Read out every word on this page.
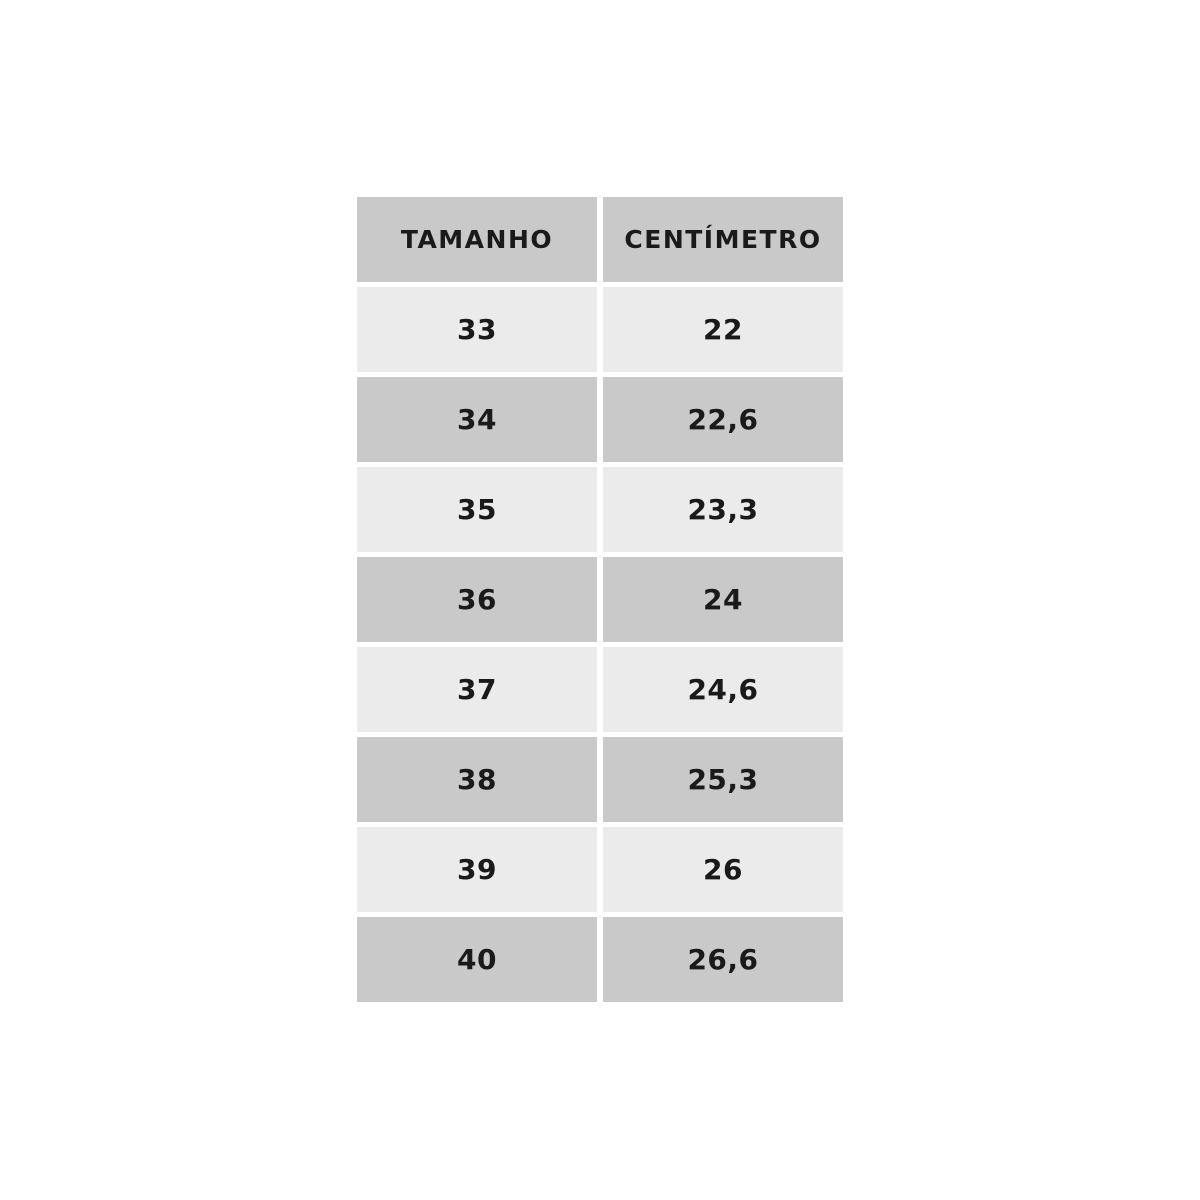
TAMANHO	CENTÍMETRO
33	22
34	22,6
35	23,3
36	24
37	24,6
38	25,3
39	26
40	26,6
